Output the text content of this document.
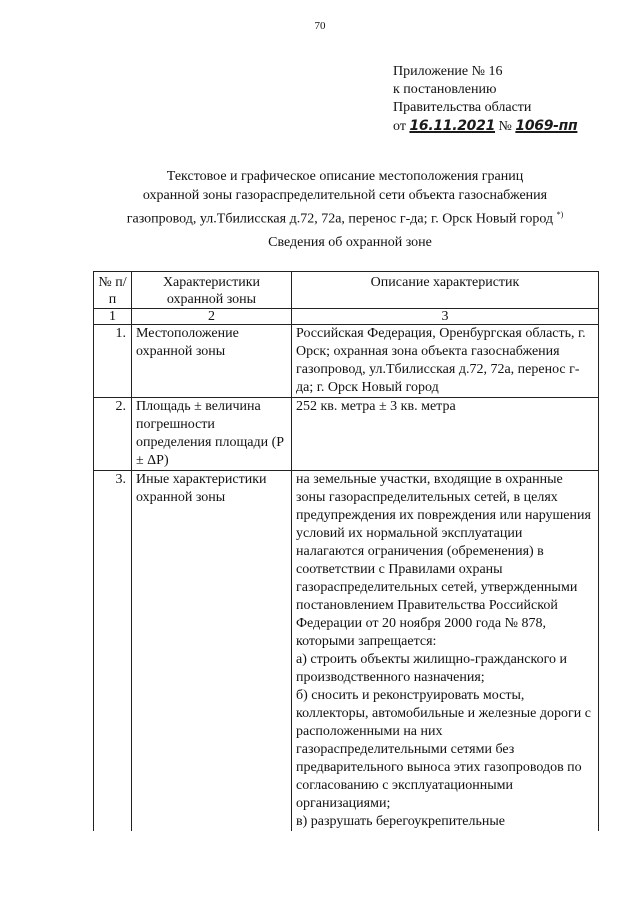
70
Приложение № 16
к постановлению
Правительства области
от 16.11.2021 № 1069-пп
Текстовое и графическое описание местоположения границ
охранной зоны газораспределительной сети объекта газоснабжения
газопровод, ул.Тбилисская д.72, 72а, перенос г-да; г. Орск Новый город *)
Сведения об охранной зоне
№ п/п	Характеристики охранной зоны	Описание характеристик
1	2	3
1.	Местоположение охранной зоны	Российская Федерация, Оренбургская область, г. Орск; охранная зона объекта газоснабжения газопровод, ул.Тбилисская д.72, 72а, перенос г-да; г. Орск Новый город
2.	Площадь ± величина погрешности определения площади (Р ± ΔР)	252 кв. метра ± 3 кв. метра
3.	Иные характеристики охранной зоны	на земельные участки, входящие в охранные зоны газораспределительных сетей, в целях предупреждения их повреждения или нарушения условий их нормальной эксплуатации налагаются ограничения (обременения) в соответствии с Правилами охраны газораспределительных сетей, утвержденными постановлением Правительства Российской Федерации от 20 ноября 2000 года № 878, которыми запрещается:
а) строить объекты жилищно-гражданского и производственного назначения;
б) сносить и реконструировать мосты, коллекторы, автомобильные и железные дороги с расположенными на них газораспределительными сетями без предварительного выноса этих газопроводов по согласованию с эксплуатационными организациями;
в) разрушать берегоукрепительные
